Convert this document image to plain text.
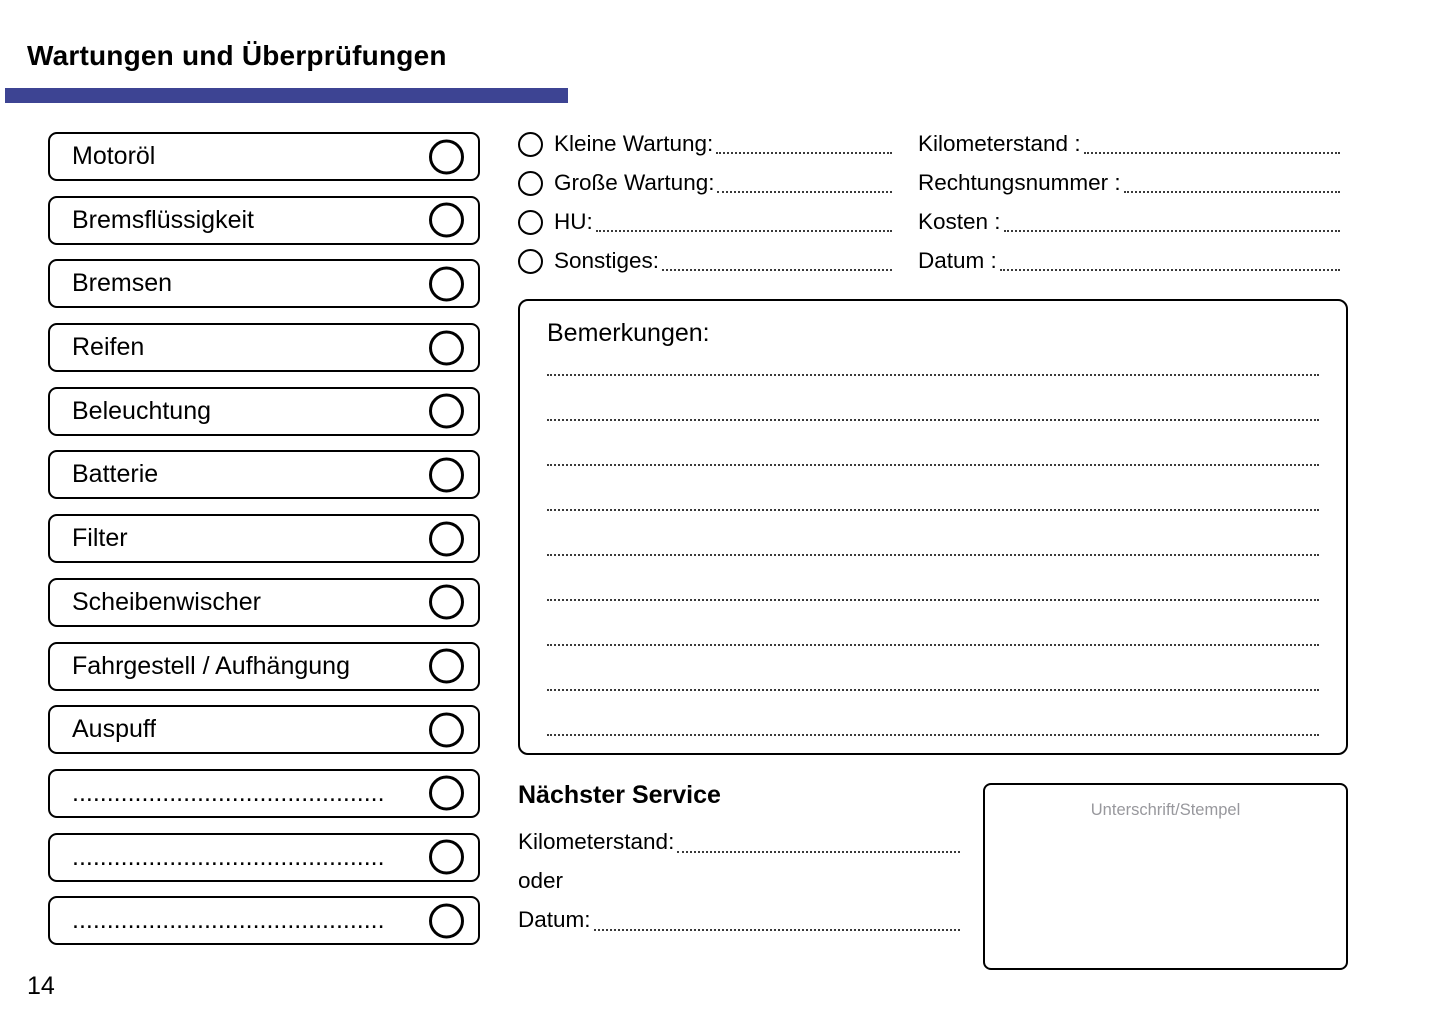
Wartungen und Überprüfungen
Motoröl
Bremsflüssigkeit
Bremsen
Reifen
Beleuchtung
Batterie
Filter
Scheibenwischer
Fahrgestell / Aufhängung
Auspuff
.............................................
.............................................
.............................................
Kleine Wartung:
Große Wartung:
HU:
Sonstiges:
Kilometerstand :
Rechtungsnummer :
Kosten :
Datum :
Bemerkungen:
Nächster Service
Kilometerstand:
oder
Datum:
Unterschrift/Stempel
14
